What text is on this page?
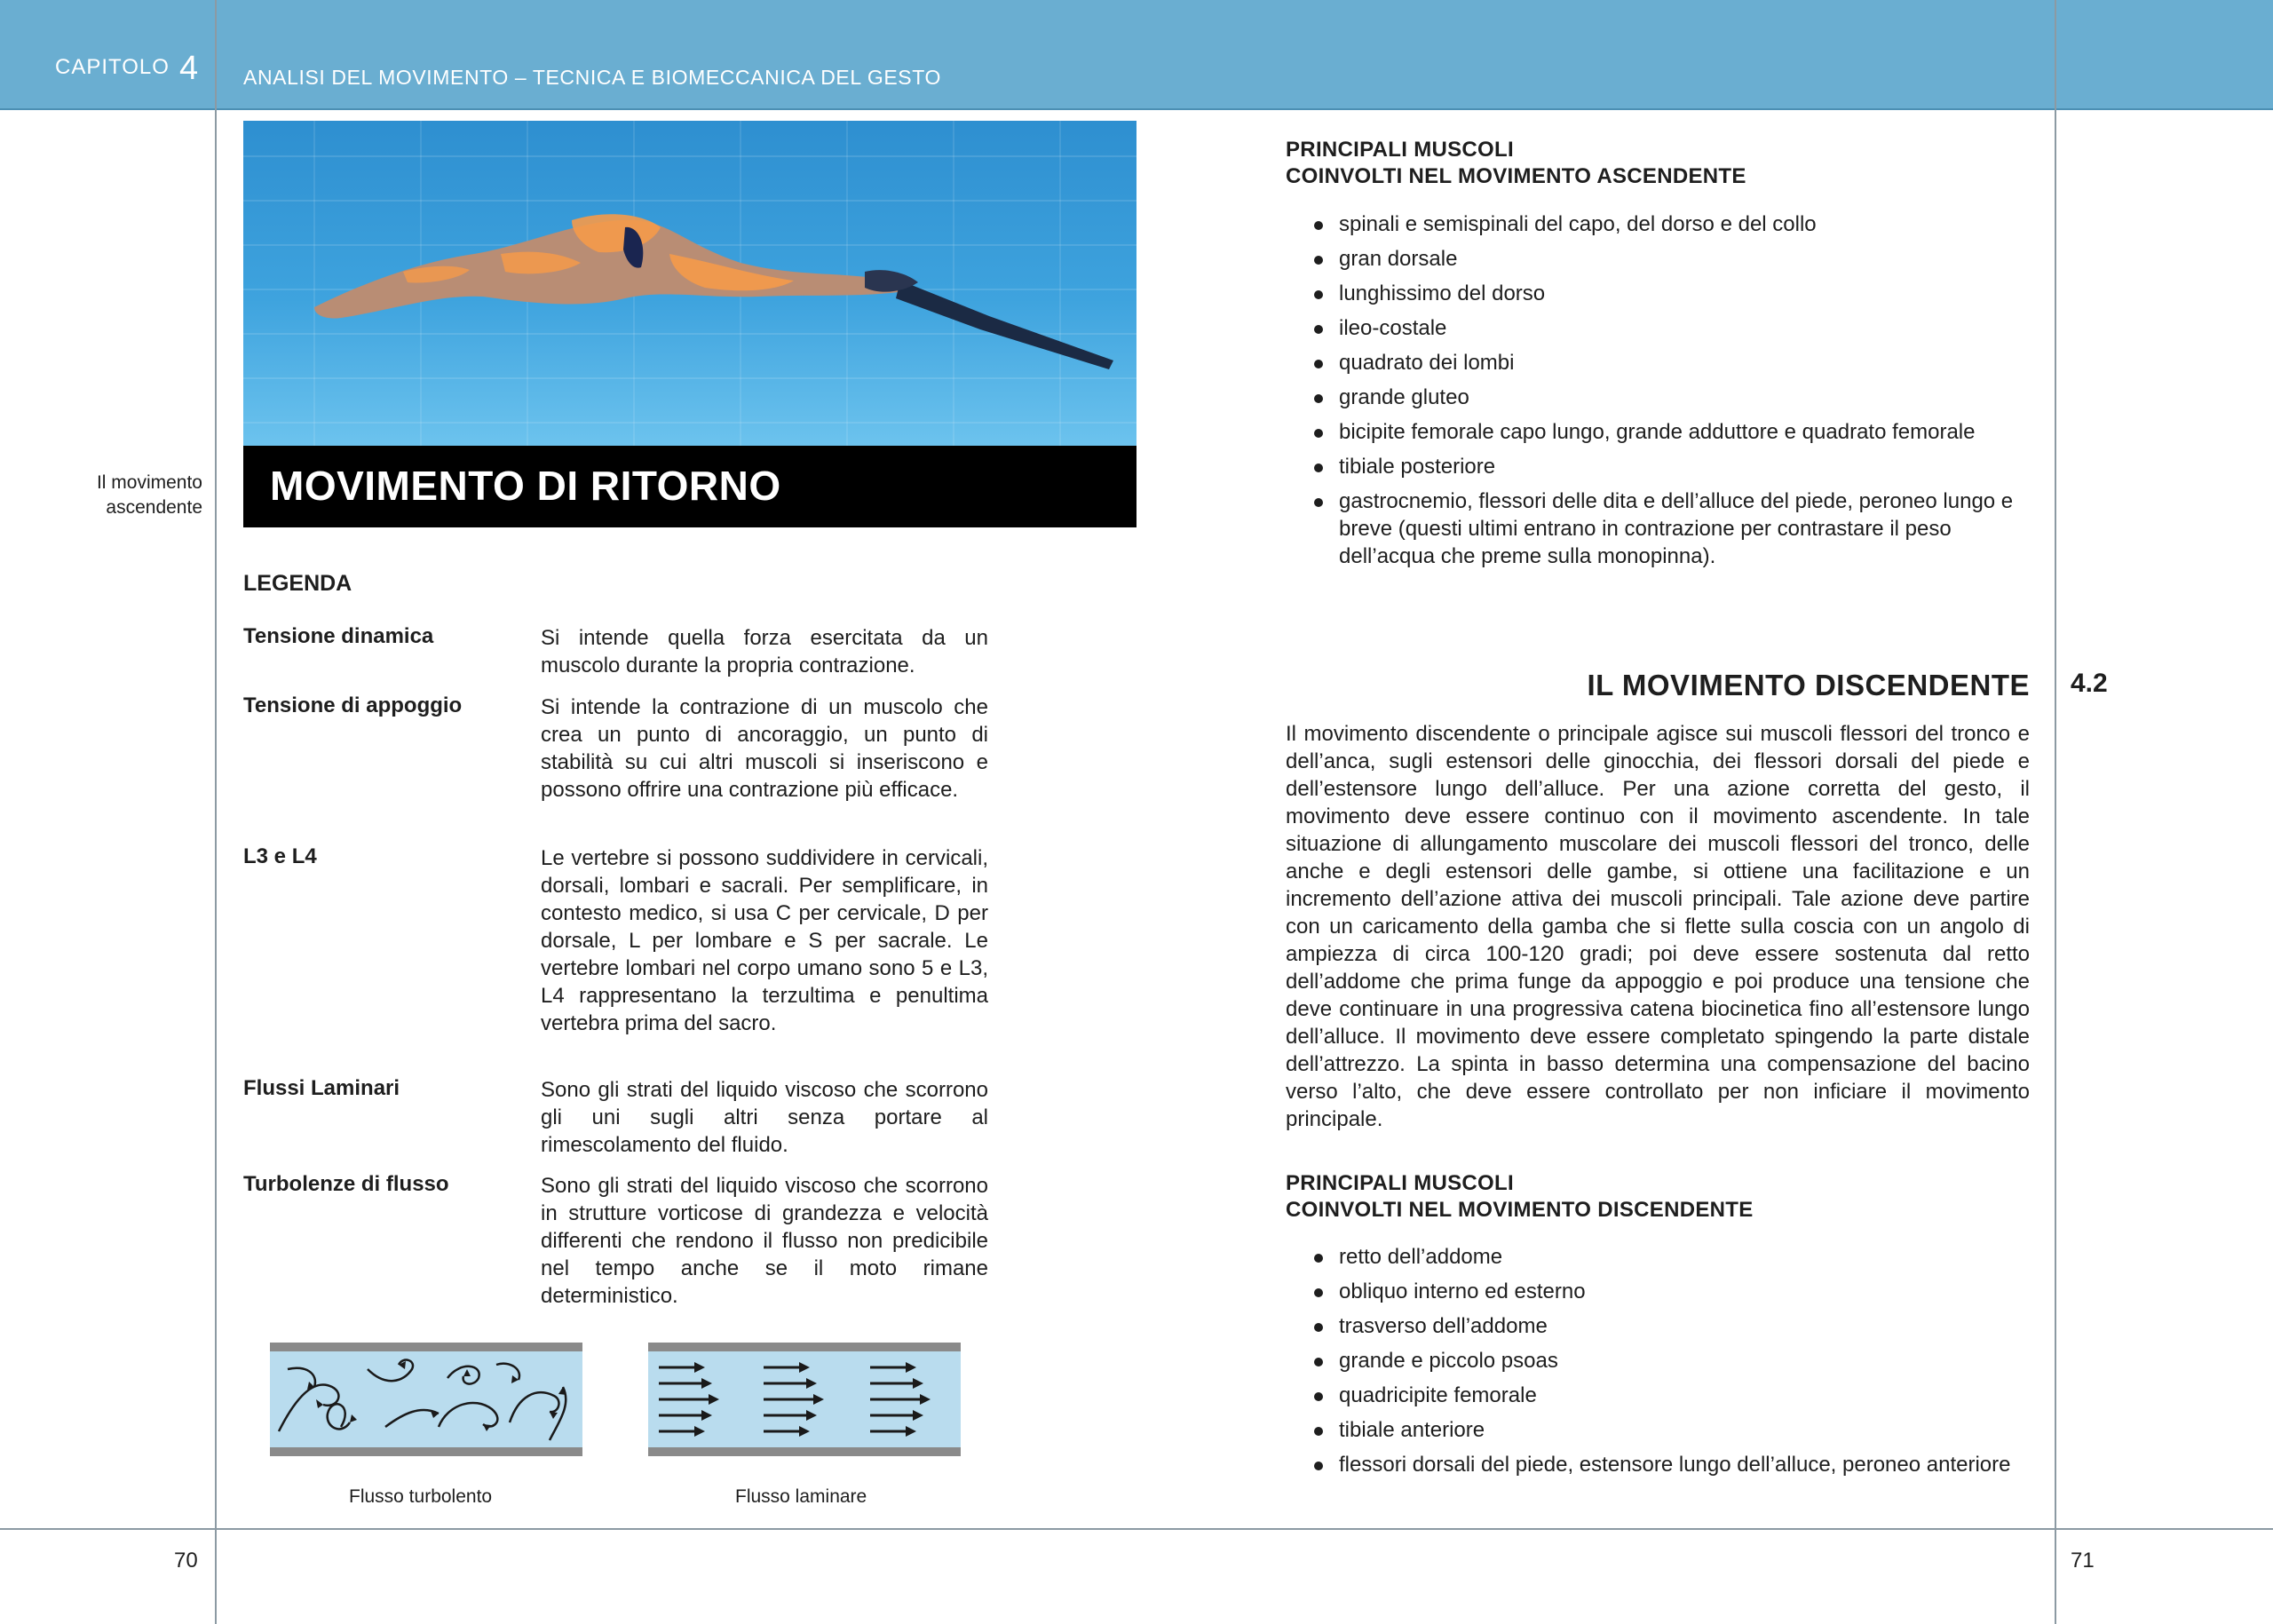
CAPITOLO 4 ANALISI DEL MOVIMENTO – TECNICA E BIOMECCANICA DEL GESTO
Il movimento
ascendente
70	71
MOVIMENTO DI RITORNO
LEGENDA
Tensione dinamica	Si intende quella forza esercitata da un muscolo durante la propria contrazione.
Tensione di appoggio	Si intende la contrazione di un muscolo che crea un punto di ancoraggio, un punto di stabilità su cui altri muscoli si inseriscono e possono offrire una contrazione più efficace.
L3 e L4	Le vertebre si possono suddividere in cervicali, dorsali, lombari e sacrali. Per semplificare, in contesto medico, si usa C per cervicale, D per dorsale, L per lombare e S per sacrale. Le vertebre lombari nel corpo umano sono 5 e L3, L4 rappresentano la terzultima e penultima vertebra prima del sacro.
Flussi Laminari	Sono gli strati del liquido viscoso che scorrono gli uni sugli altri senza portare al rimescolamento del fluido.
Turbolenze di flusso	Sono gli strati del liquido viscoso che scorrono in strutture vorticose di grandezza e velocità differenti che rendono il flusso non predicibile nel tempo anche se il moto rimane deterministico.
Flusso turbolento	Flusso laminare
PRINCIPALI MUSCOLI
COINVOLTI NEL MOVIMENTO ASCENDENTE
spinali e semispinali del capo, del dorso e del collo
gran dorsale
lunghissimo del dorso
ileo-costale
quadrato dei lombi
grande gluteo
bicipite femorale capo lungo, grande adduttore e quadrato femorale
tibiale posteriore
gastrocnemio, flessori delle dita e dell’alluce del piede, peroneo lungo e breve (questi ultimi entrano in contrazione per contrastare il peso dell’acqua che preme sulla monopinna).
IL MOVIMENTO DISCENDENTE 4.2
Il movimento discendente o principale agisce sui muscoli flessori del tronco e dell’anca, sugli estensori delle ginocchia, dei flessori dorsali del piede e dell’estensore lungo dell’alluce. Per una azione corretta del gesto, il movimento deve essere continuo con il movimento ascendente. In tale situazione di allungamento muscolare dei muscoli flessori del tronco, delle anche e degli estensori delle gambe, si ottiene una facilitazione e un incremento dell’azione attiva dei muscoli principali. Tale azione deve partire con un caricamento della gamba che si flette sulla coscia con un angolo di ampiezza di circa 100-120 gradi; poi deve essere sostenuta dal retto dell’addome che prima funge da appoggio e poi produce una tensione che deve continuare in una progressiva catena biocinetica fino all’estensore lungo dell’alluce. Il movimento deve essere completato spingendo la parte distale dell’attrezzo. La spinta in basso determina una compensazione del bacino verso l’alto, che deve essere controllato per non inficiare il movimento principale.
PRINCIPALI MUSCOLI
COINVOLTI NEL MOVIMENTO DISCENDENTE
retto dell’addome
obliquo interno ed esterno
trasverso dell’addome
grande e piccolo psoas
quadricipite femorale
tibiale anteriore
flessori dorsali del piede, estensore lungo dell’alluce, peroneo anteriore
